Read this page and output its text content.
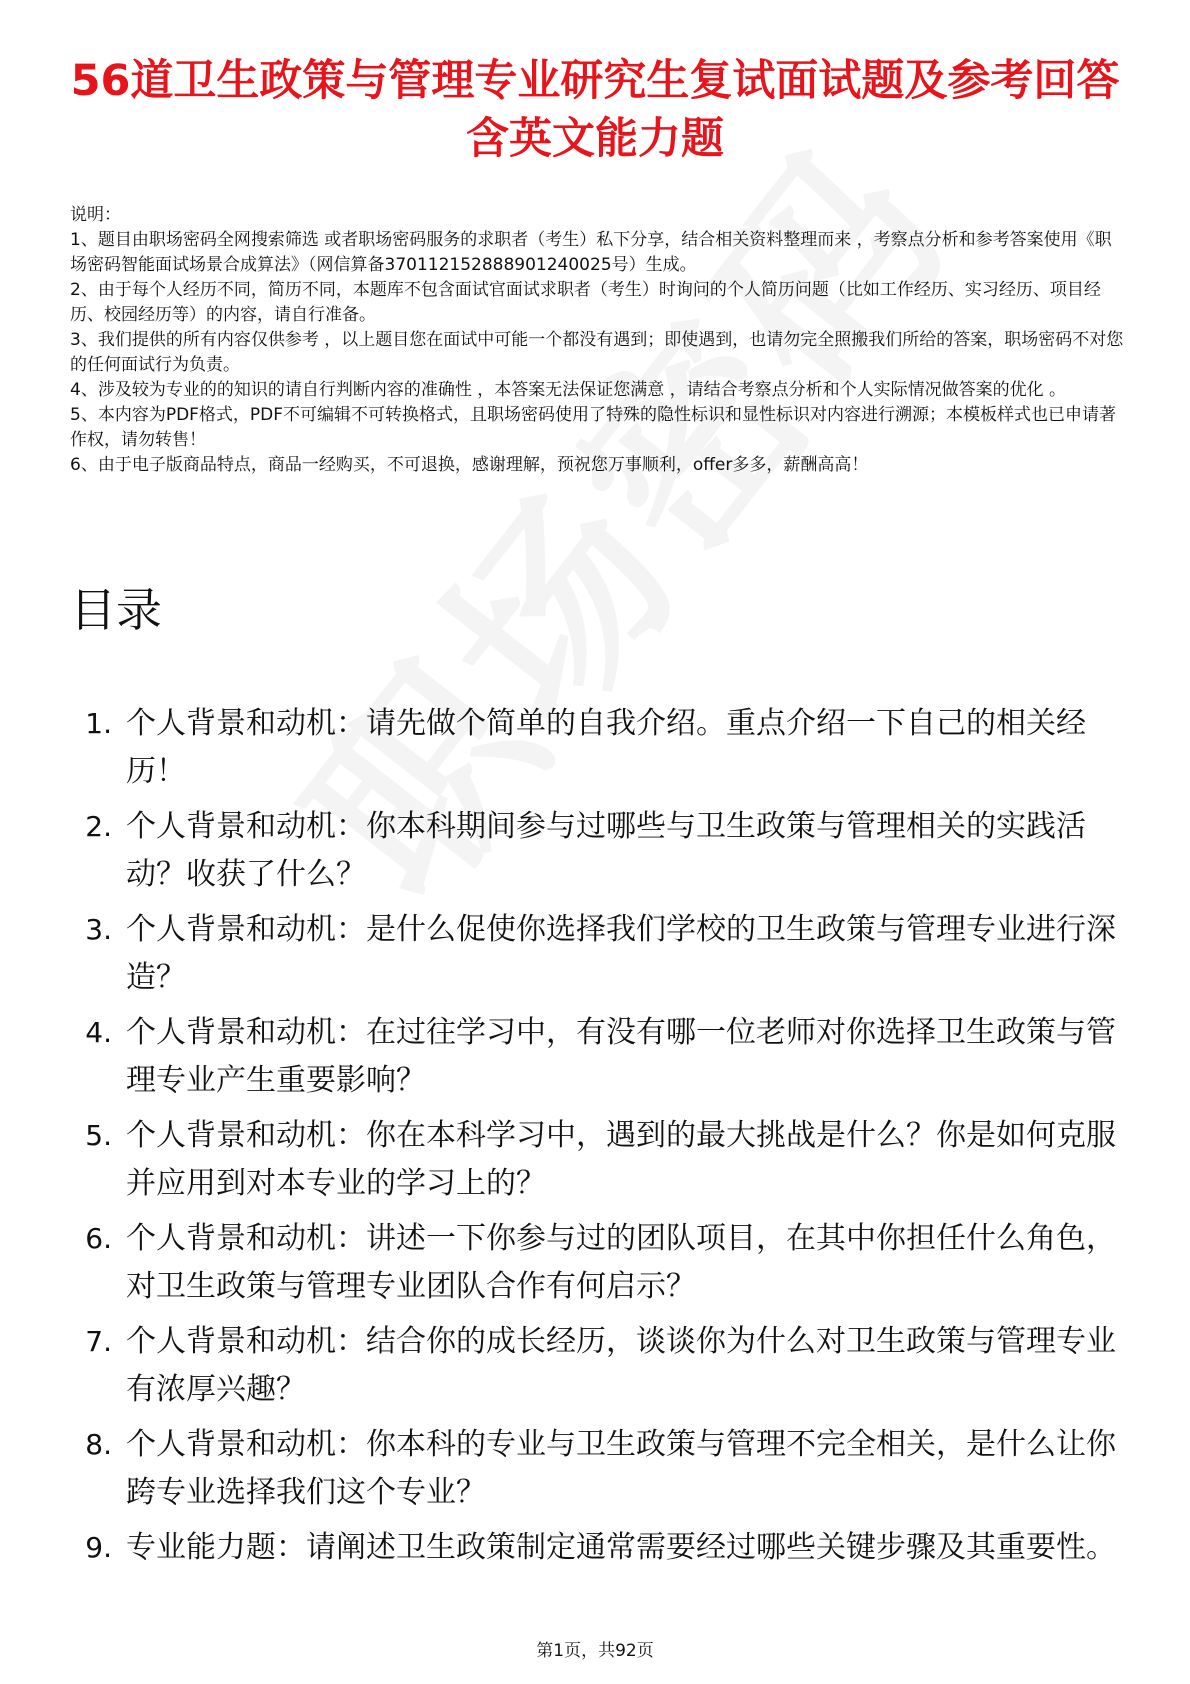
56道卫生政策与管理专业研究生复试面试题及参考回答含英文能力题
说明：
1、题目由职场密码全网搜索筛选 或者职场密码服务的求职者（考生）私下分享，结合相关资料整理而来 ，考察点分析和参考答案使用《职场密码智能面试场景合成算法》（网信算备370112152888901240025号）生成。
2、由于每个人经历不同，简历不同，本题库不包含面试官面试求职者（考生）时询问的个人简历问题（比如工作经历、实习经历、项目经历、校园经历等）的内容，请自行准备。
3、我们提供的所有内容仅供参考 ，以上题目您在面试中可能一个都没有遇到；即使遇到，也请勿完全照搬我们所给的答案，职场密码不对您的任何面试行为负责。
4、涉及较为专业的的知识的请自行判断内容的准确性 ，本答案无法保证您满意 ，请结合考察点分析和个人实际情况做答案的优化 。
5、本内容为PDF格式，PDF不可编辑不可转换格式，且职场密码使用了特殊的隐性标识和显性标识对内容进行溯源；本模板样式也已申请著作权，请勿转售！
6、由于电子版商品特点，商品一经购买，不可退换，感谢理解，预祝您万事顺利，offer多多，薪酬高高！
目录
1. 个人背景和动机：请先做个简单的自我介绍。重点介绍一下自己的相关经历！
2. 个人背景和动机：你本科期间参与过哪些与卫生政策与管理相关的实践活动？收获了什么？
3. 个人背景和动机：是什么促使你选择我们学校的卫生政策与管理专业进行深造？
4. 个人背景和动机：在过往学习中，有没有哪一位老师对你选择卫生政策与管理专业产生重要影响？
5. 个人背景和动机：你在本科学习中，遇到的最大挑战是什么？你是如何克服并应用到对本专业的学习上的？
6. 个人背景和动机：讲述一下你参与过的团队项目，在其中你担任什么角色，对卫生政策与管理专业团队合作有何启示？
7. 个人背景和动机：结合你的成长经历，谈谈你为什么对卫生政策与管理专业有浓厚兴趣？
8. 个人背景和动机：你本科的专业与卫生政策与管理不完全相关，是什么让你跨专业选择我们这个专业？
9. 专业能力题：请阐述卫生政策制定通常需要经过哪些关键步骤及其重要性。
第1页，共92页
